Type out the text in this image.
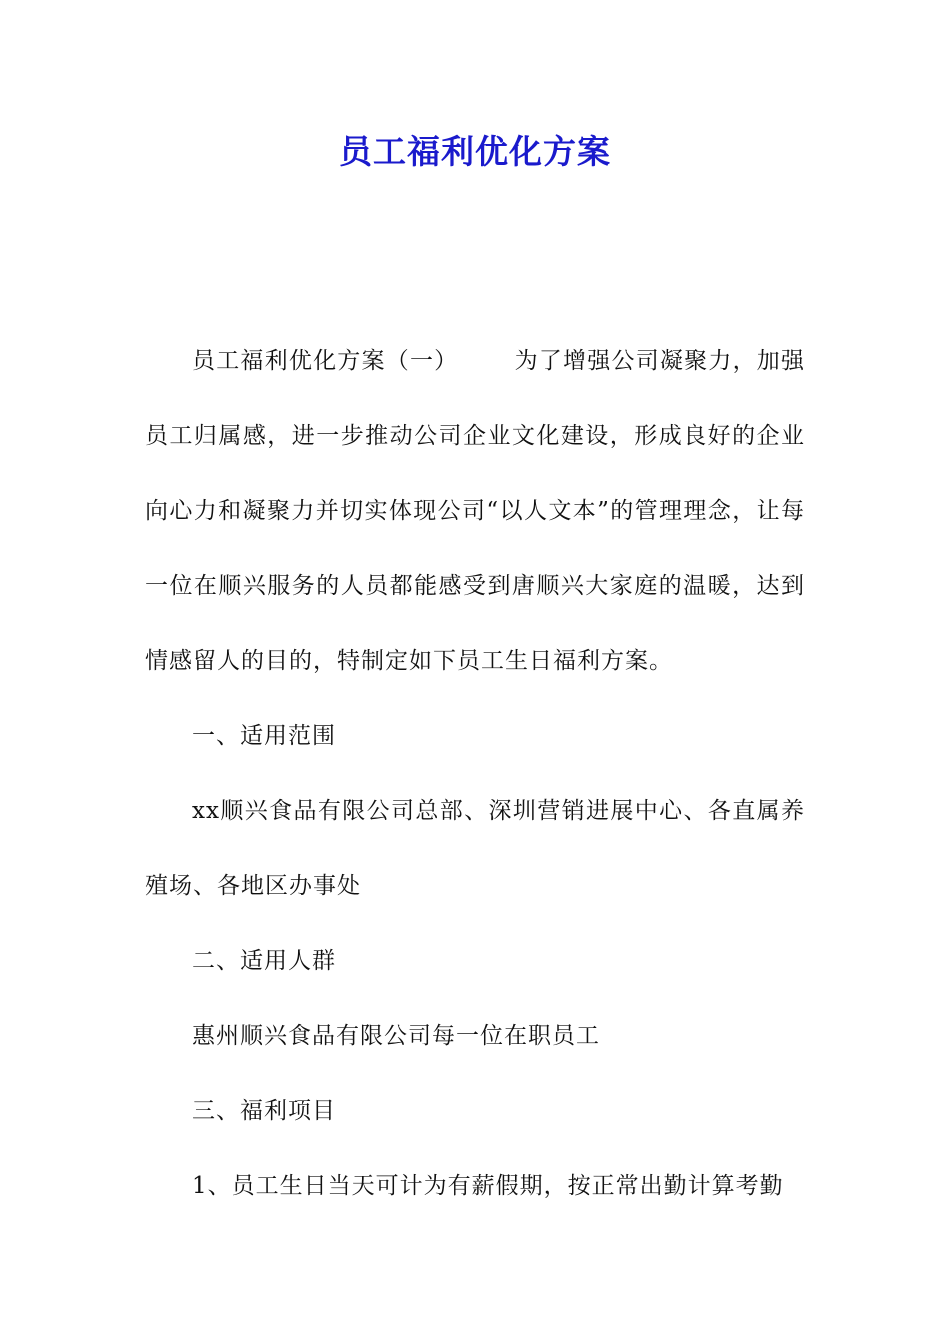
员工福利优化方案

员工福利优化方案（一） 为了增强公司凝聚力，加强员工归属感，进一步推动公司企业文化建设，形成良好的企业向心力和凝聚力并切实体现公司“以人文本”的管理理念，让每一位在顺兴服务的人员都能感受到唐顺兴大家庭的温暖，达到情感留人的目的，特制定如下员工生日福利方案。

一、适用范围

xx顺兴食品有限公司总部、深圳营销进展中心、各直属养殖场、各地区办事处

二、适用人群

惠州顺兴食品有限公司每一位在职员工

三、福利项目

1、员工生日当天可计为有薪假期，按正常出勤计算考勤
